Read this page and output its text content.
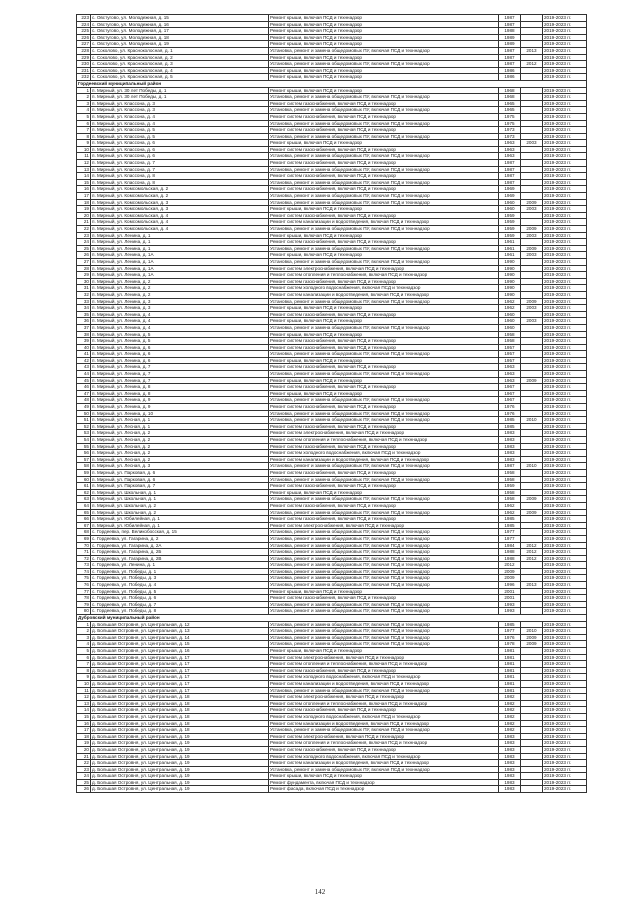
223	с. Овстугово, ул. Молодежная, д. 15	Ремонт крыши, включая ПСД и техннадзор	1987		2019-2023 гг.
224	с. Овстугово, ул. Молодежная, д. 16	Ремонт крыши, включая ПСД и техннадзор	1987		2019-2023 гг.
225	с. Овстугово, ул. Молодежная, д. 17	Ремонт крыши, включая ПСД и техннадзор	1988		2019-2023 гг.
226	с. Овстугово, ул. Молодежная, д. 18	Ремонт крыши, включая ПСД и техннадзор	1989		2019-2023 гг.
227	с. Овстугово, ул. Молодежная, д. 19	Ремонт крыши, включая ПСД и техннадзор	1989		2019-2023 гг.
228	с. Соколово, ул. Красноколосная, д. 1	Установка, ремонт и замена общедомовых ПУ, включая ПСД и техннадзор	1987	2013	2019-2023 гг.
229	с. Соколово, ул. Красноколосная, д. 2	Ремонт крыши, включая ПСД и техннадзор	1987		2019-2023 гг.
230	с. Соколово, ул. Красноколосная, д. 3	Установка, ремонт и замена общедомовых ПУ, включая ПСД и техннадзор	1987	2012	2019-2023 гг.
231	с. Соколово, ул. Красноколосная, д. 4	Ремонт крыши, включая ПСД и техннадзор	1986		2019-2023 гг.
232	с. Соколово, ул. Красноколосная, д. 5	Ремонт крыши, включая ПСД и техннадзор	1986		2019-2023 гг.
Гордеевский муниципальный район					
1	п. Мирный, ул. 30 лет Победы, д. 1	Ремонт крыши, включая ПСД и техннадзор	1968		2019-2023 гг.
2	п. Мирный, ул. 30 лет Победы, д. 1	Установка, ремонт и замена общедомовых ПУ, включая ПСД и техннадзор	1968		2019-2023 гг.
3	п. Мирный, ул. Классона, д. 3	Ремонт систем газоснабжения, включая ПСД и техннадзор	1965		2019-2023 гг.
4	п. Мирный, ул. Классона, д. 3	Установка, ремонт и замена общедомовых ПУ, включая ПСД и техннадзор	1965		2019-2023 гг.
5	п. Мирный, ул. Классона, д. 4	Ремонт систем газоснабжения, включая ПСД и техннадзор	1975		2019-2023 гг.
6	п. Мирный, ул. Классона, д. 4	Установка, ремонт и замена общедомовых ПУ, включая ПСД и техннадзор	1975		2019-2023 гг.
7	п. Мирный, ул. Классона, д. 5	Ремонт систем газоснабжения, включая ПСД и техннадзор	1973		2019-2023 гг.
8	п. Мирный, ул. Классона, д. 5	Установка, ремонт и замена общедомовых ПУ, включая ПСД и техннадзор	1973		2019-2023 гг.
9	п. Мирный, ул. Классона, д. 6	Ремонт крыши, включая ПСД и техннадзор	1963	2003	2019-2023 гг.
10	п. Мирный, ул. Классона, д. 6	Ремонт систем газоснабжения, включая ПСД и техннадзор	1963		2019-2023 гг.
11	п. Мирный, ул. Классона, д. 6	Установка, ремонт и замена общедомовых ПУ, включая ПСД и техннадзор	1963		2019-2023 гг.
12	п. Мирный, ул. Классона, д. 7	Ремонт систем газоснабжения, включая ПСД и техннадзор	1987		2019-2023 гг.
13	п. Мирный, ул. Классона, д. 7	Установка, ремонт и замена общедомовых ПУ, включая ПСД и техннадзор	1987		2019-2023 гг.
14	п. Мирный, ул. Классона, д. 8	Ремонт систем газоснабжения, включая ПСД и техннадзор	1987		2019-2023 гг.
15	п. Мирный, ул. Классона, д. 8	Установка, ремонт и замена общедомовых ПУ, включая ПСД и техннадзор	1987		2019-2023 гг.
16	п. Мирный, ул. Комсомольская, д. 2	Ремонт систем газоснабжения, включая ПСД и техннадзор	1969		2019-2023 гг.
17	п. Мирный, ул. Комсомольская, д. 2	Установка, ремонт и замена общедомовых ПУ, включая ПСД и техннадзор	1969		2019-2023 гг.
18	п. Мирный, ул. Комсомольская, д. 3	Установка, ремонт и замена общедомовых ПУ, включая ПСД и техннадзор	1960	2009	2019-2023 гг.
19	п. Мирный, ул. Комсомольская, д. 3	Ремонт крыши, включая ПСД и техннадзор	1960	2003	2019-2023 гг.
20	п. Мирный, ул. Комсомольская, д. 4	Ремонт систем газоснабжения, включая ПСД и техннадзор	1959		2019-2023 гг.
21	п. Мирный, ул. Комсомольская, д. 4	Ремонт систем канализации и водоотведения, включая ПСД и техннадзор	1959		2019-2023 гг.
22	п. Мирный, ул. Комсомольская, д. 4	Установка, ремонт и замена общедомовых ПУ, включая ПСД и техннадзор	1959	2009	2019-2023 гг.
23	п. Мирный, ул. Ленина, д. 1	Ремонт крыши, включая ПСД и техннадзор	1959	2003	2019-2023 гг.
24	п. Мирный, ул. Ленина, д. 1	Ремонт систем газоснабжения, включая ПСД и техннадзор	1961		2019-2023 гг.
25	п. Мирный, ул. Ленина, д. 1	Установка, ремонт и замена общедомовых ПУ, включая ПСД и техннадзор	1961	2009	2019-2023 гг.
26	п. Мирный, ул. Ленина, д. 1А	Ремонт крыши, включая ПСД и техннадзор	1961	2003	2019-2023 гг.
27	п. Мирный, ул. Ленина, д. 1А	Установка, ремонт и замена общедомовых ПУ, включая ПСД и техннадзор	1990		2019-2023 гг.
28	п. Мирный, ул. Ленина, д. 1А	Ремонт систем электроснабжения, включая ПСД и техннадзор	1990		2019-2023 гг.
29	п. Мирный, ул. Ленина, д. 1А	Ремонт систем отопления и теплоснабжения, включая ПСД и техннадзор	1990		2019-2023 гг.
30	п. Мирный, ул. Ленина, д. 2	Ремонт систем газоснабжения, включая ПСД и техннадзор	1990		2019-2023 гг.
31	п. Мирный, ул. Ленина, д. 2	Ремонт систем холодного водоснабжения, включая ПСД и техннадзор	1990		2019-2023 гг.
32	п. Мирный, ул. Ленина, д. 2	Ремонт систем канализации и водоотведения, включая ПСД и техннадзор	1990		2019-2023 гг.
33	п. Мирный, ул. Ленина, д. 3	Установка, ремонт и замена общедомовых ПУ, включая ПСД и техннадзор	1962	2009	2019-2023 гг.
34	п. Мирный, ул. Ленина, д. 3	Ремонт крыши, включая ПСД и техннадзор	1962	2003	2019-2023 гг.
35	п. Мирный, ул. Ленина, д. 4	Ремонт систем газоснабжения, включая ПСД и техннадзор	1960		2019-2023 гг.
36	п. Мирный, ул. Ленина, д. 4	Ремонт крыши, включая ПСД и техннадзор	1960	2003	2019-2023 гг.
37	п. Мирный, ул. Ленина, д. 4	Установка, ремонт и замена общедомовых ПУ, включая ПСД и техннадзор	1960		2019-2023 гг.
38	п. Мирный, ул. Ленина, д. 5	Ремонт крыши, включая ПСД и техннадзор	1958		2019-2023 гг.
39	п. Мирный, ул. Ленина, д. 5	Ремонт систем газоснабжения, включая ПСД и техннадзор	1958		2019-2023 гг.
40	п. Мирный, ул. Ленина, д. 6	Ремонт систем газоснабжения, включая ПСД и техннадзор	1957		2019-2023 гг.
41	п. Мирный, ул. Ленина, д. 6	Установка, ремонт и замена общедомовых ПУ, включая ПСД и техннадзор	1957		2019-2023 гг.
42	п. Мирный, ул. Ленина, д. 6	Ремонт крыши, включая ПСД и техннадзор	1957		2019-2023 гг.
43	п. Мирный, ул. Ленина, д. 7	Ремонт систем газоснабжения, включая ПСД и техннадзор	1963		2019-2023 гг.
44	п. Мирный, ул. Ленина, д. 7	Установка, ремонт и замена общедомовых ПУ, включая ПСД и техннадзор	1963		2019-2023 гг.
45	п. Мирный, ул. Ленина, д. 7	Ремонт крыши, включая ПСД и техннадзор	1963	2009	2019-2023 гг.
46	п. Мирный, ул. Ленина, д. 8	Ремонт систем газоснабжения, включая ПСД и техннадзор	1967		2019-2023 гг.
47	п. Мирный, ул. Ленина, д. 8	Ремонт крыши, включая ПСД и техннадзор	1967		2019-2023 гг.
48	п. Мирный, ул. Ленина, д. 9	Установка, ремонт и замена общедомовых ПУ, включая ПСД и техннадзор	1967		2019-2023 гг.
49	п. Мирный, ул. Ленина, д. 9	Ремонт систем газоснабжения, включая ПСД и техннадзор	1976		2019-2023 гг.
50	п. Мирный, ул. Ленина, д. 10	Установка, ремонт и замена общедомовых ПУ, включая ПСД и техннадзор	1976		2019-2023 гг.
51	п. Мирный, ул. Лесная, д. 1	Установка, ремонт и замена общедомовых ПУ, включая ПСД и техннадзор	1985	2010	2019-2023 гг.
52	п. Мирный, ул. Лесная, д. 1	Ремонт систем газоснабжения, включая ПСД и техннадзор	1985		2019-2023 гг.
53	п. Мирный, ул. Лесная, д. 2	Ремонт систем электроснабжения, включая ПСД и техннадзор	1983		2019-2023 гг.
54	п. Мирный, ул. Лесная, д. 2	Ремонт систем отопления и теплоснабжения, включая ПСД и техннадзор	1983		2019-2023 гг.
55	п. Мирный, ул. Лесная, д. 2	Ремонт систем газоснабжения, включая ПСД и техннадзор	1983		2019-2023 гг.
56	п. Мирный, ул. Лесная, д. 2	Ремонт систем холодного водоснабжения, включая ПСД и техннадзор	1983		2019-2023 гг.
57	п. Мирный, ул. Лесная, д. 2	Ремонт систем канализации и водоотведения, включая ПСД и техннадзор	1983		2019-2023 гг.
58	п. Мирный, ул. Лесная, д. 3	Установка, ремонт и замена общедомовых ПУ, включая ПСД и техннадзор	1987	2010	2019-2023 гг.
59	п. Мирный, ул. Парковая, д. 6	Ремонт систем газоснабжения, включая ПСД и техннадзор	1958		2019-2023 гг.
60	п. Мирный, ул. Парковая, д. 6	Установка, ремонт и замена общедомовых ПУ, включая ПСД и техннадзор	1958		2019-2023 гг.
61	п. Мирный, ул. Парковая, д. 7	Ремонт систем газоснабжения, включая ПСД и техннадзор	1959		2019-2023 гг.
62	п. Мирный, ул. Школьная, д. 1	Ремонт крыши, включая ПСД и техннадзор	1958		2019-2023 гг.
63	п. Мирный, ул. Школьная, д. 1	Установка, ремонт и замена общедомовых ПУ, включая ПСД и техннадзор	1958	2009	2019-2023 гг.
64	п. Мирный, ул. Школьная, д. 2	Ремонт систем газоснабжения, включая ПСД и техннадзор	1962		2019-2023 гг.
65	п. Мирный, ул. Школьная, д. 2	Установка, ремонт и замена общедомовых ПУ, включая ПСД и техннадзор	1962	2009	2019-2023 гг.
66	п. Мирный, ул. Юбилейная, д. 1	Ремонт систем газоснабжения, включая ПСД и техннадзор	1985		2019-2023 гг.
67	п. Мирный, ул. Юбилейная, д. 1	Ремонт систем электроснабжения, включая ПСД и техннадзор	1985		2019-2023 гг.
68	с. Гордеевка, пер. Великобосская, д. 15	Установка, ремонт и замена общедомовых ПУ, включая ПСД и техннадзор	1977		2019-2023 гг.
69	с. Гордеевка, ул. Гагарина, д. 2	Установка, ремонт и замена общедомовых ПУ, включая ПСД и техннадзор	1977		2019-2023 гг.
70	с. Гордеевка, ул. Гагарина, д. 2А	Установка, ремонт и замена общедомовых ПУ, включая ПСД и техннадзор	1984	2012	2019-2023 гг.
71	с. Гордеевка, ул. Гагарина, д. 2Б	Установка, ремонт и замена общедомовых ПУ, включая ПСД и техннадзор	1988	2012	2019-2023 гг.
72	с. Гордеевка, ул. Гагарина, д. 2В	Установка, ремонт и замена общедомовых ПУ, включая ПСД и техннадзор	1988	2012	2019-2023 гг.
73	с. Гордеевка, ул. Ленина, д. 1	Установка, ремонт и замена общедомовых ПУ, включая ПСД и техннадзор	2012		2019-2023 гг.
74	с. Гордеевка, ул. Победы, д. 1	Установка, ремонт и замена общедомовых ПУ, включая ПСД и техннадзор	2009		2019-2023 гг.
75	с. Гордеевка, ул. Победы, д. 3	Установка, ремонт и замена общедомовых ПУ, включая ПСД и техннадзор	2009		2019-2023 гг.
76	с. Гордеевка, ул. Победы, д. 4	Установка, ремонт и замена общедомовых ПУ, включая ПСД и техннадзор	1996	2013	2019-2023 гг.
77	с. Гордеевка, ул. Победы, д. 5	Ремонт крыши, включая ПСД и техннадзор	2001		2019-2023 гг.
78	с. Гордеевка, ул. Победы, д. 6	Ремонт систем газоснабжения, включая ПСД и техннадзор	2001		2019-2023 гг.
79	с. Гордеевка, ул. Победы, д. 7	Установка, ремонт и замена общедомовых ПУ, включая ПСД и техннадзор	1993		2019-2023 гг.
80	с. Гордеевка, ул. Победы, д. 8	Установка, ремонт и замена общедомовых ПУ, включая ПСД и техннадзор	1993		2019-2023 гг.
Дубровский муниципальный район					
1	д. Большая Островня, ул. Центральная, д. 12	Установка, ремонт и замена общедомовых ПУ, включая ПСД и техннадзор	1985		2019-2023 гг.
2	д. Большая Островня, ул. Центральная, д. 13	Установка, ремонт и замена общедомовых ПУ, включая ПСД и техннадзор	1977	2010	2019-2023 гг.
3	д. Большая Островня, ул. Центральная, д. 14	Установка, ремонт и замена общедомовых ПУ, включая ПСД и техннадзор	1976	2009	2019-2023 гг.
4	д. Большая Островня, ул. Центральная, д. 15	Установка, ремонт и замена общедомовых ПУ, включая ПСД и техннадзор	1978	2009	2019-2023 гг.
5	д. Большая Островня, ул. Центральная, д. 16	Ремонт крыши, включая ПСД и техннадзор	1981		2019-2023 гг.
6	д. Большая Островня, ул. Центральная, д. 17	Ремонт систем электроснабжения, включая ПСД и техннадзор	1981		2019-2023 гг.
7	д. Большая Островня, ул. Центральная, д. 17	Ремонт систем отопления и теплоснабжения, включая ПСД и техннадзор	1981		2019-2023 гг.
8	д. Большая Островня, ул. Центральная, д. 17	Ремонт систем газоснабжения, включая ПСД и техннадзор	1981		2019-2023 гг.
9	д. Большая Островня, ул. Центральная, д. 17	Ремонт систем холодного водоснабжения, включая ПСД и техннадзор	1981		2019-2023 гг.
10	д. Большая Островня, ул. Центральная, д. 17	Ремонт систем канализации и водоотведения, включая ПСД и техннадзор	1981		2019-2023 гг.
11	д. Большая Островня, ул. Центральная, д. 17	Установка, ремонт и замена общедомовых ПУ, включая ПСД и техннадзор	1981		2019-2023 гг.
12	д. Большая Островня, ул. Центральная, д. 18	Ремонт систем электроснабжения, включая ПСД и техннадзор	1982		2019-2023 гг.
13	д. Большая Островня, ул. Центральная, д. 18	Ремонт систем отопления и теплоснабжения, включая ПСД и техннадзор	1982		2019-2023 гг.
14	д. Большая Островня, ул. Центральная, д. 18	Ремонт систем газоснабжения, включая ПСД и техннадзор	1982		2019-2023 гг.
15	д. Большая Островня, ул. Центральная, д. 18	Ремонт систем холодного водоснабжения, включая ПСД и техннадзор	1982		2019-2023 гг.
16	д. Большая Островня, ул. Центральная, д. 18	Ремонт систем канализации и водоотведения, включая ПСД и техннадзор	1982		2019-2023 гг.
17	д. Большая Островня, ул. Центральная, д. 18	Установка, ремонт и замена общедомовых ПУ, включая ПСД и техннадзор	1982		2019-2023 гг.
18	д. Большая Островня, ул. Центральная, д. 19	Ремонт систем электроснабжения, включая ПСД и техннадзор	1983		2019-2023 гг.
19	д. Большая Островня, ул. Центральная, д. 19	Ремонт систем отопления и теплоснабжения, включая ПСД и техннадзор	1983		2019-2023 гг.
20	д. Большая Островня, ул. Центральная, д. 19	Ремонт систем газоснабжения, включая ПСД и техннадзор	1983		2019-2023 гг.
21	д. Большая Островня, ул. Центральная, д. 19	Ремонт систем холодного водоснабжения, включая ПСД и техннадзор	1983		2019-2023 гг.
22	д. Большая Островня, ул. Центральная, д. 19	Ремонт систем канализации и водоотведения, включая ПСД и техннадзор	1983		2019-2023 гг.
23	д. Большая Островня, ул. Центральная, д. 19	Установка, ремонт и замена общедомовых ПУ, включая ПСД и техннадзор	1983		2019-2023 гг.
24	д. Большая Островня, ул. Центральная, д. 19	Ремонт крыши, включая ПСД и техннадзор	1983		2019-2023 гг.
25	д. Большая Островня, ул. Центральная, д. 19	Ремонт фундамента, включая ПСД и техннадзор	1983		2019-2023 гг.
26	д. Большая Островня, ул. Центральная, д. 19	Ремонт фасада, включая ПСД и техннадзор	1983		2019-2023 гг.
142
